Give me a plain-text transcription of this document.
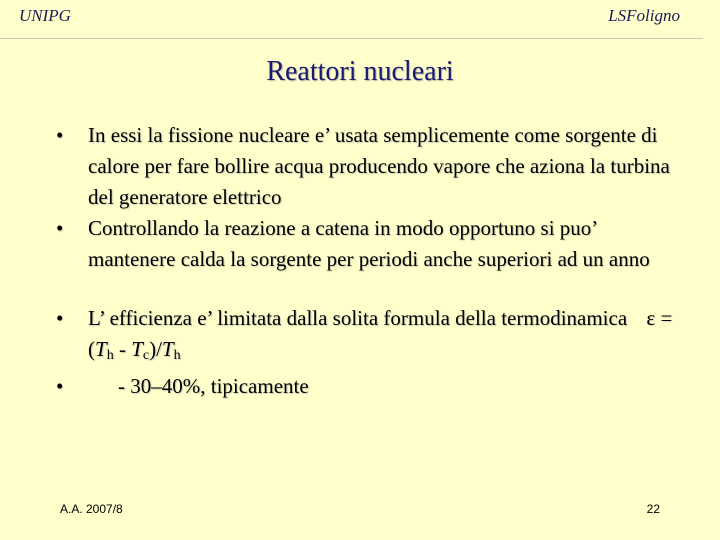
UNIPG	LSFoligno
Reattori nucleari
•	In essi la fissione nucleare e’ usata semplicemente come sorgente di calore per fare bollire acqua producendo vapore che aziona la turbina del generatore elettrico
•	Controllando la reazione a catena in modo opportuno si puo’ mantenere calda la sorgente per periodi anche superiori ad un anno
•	L’ efficienza e’ limitata dalla solita formula della termodinamica $\varepsilon = (T_h - T_c)/T_h$
•	- 30–40%, tipicamente
A.A. 2007/8	22
